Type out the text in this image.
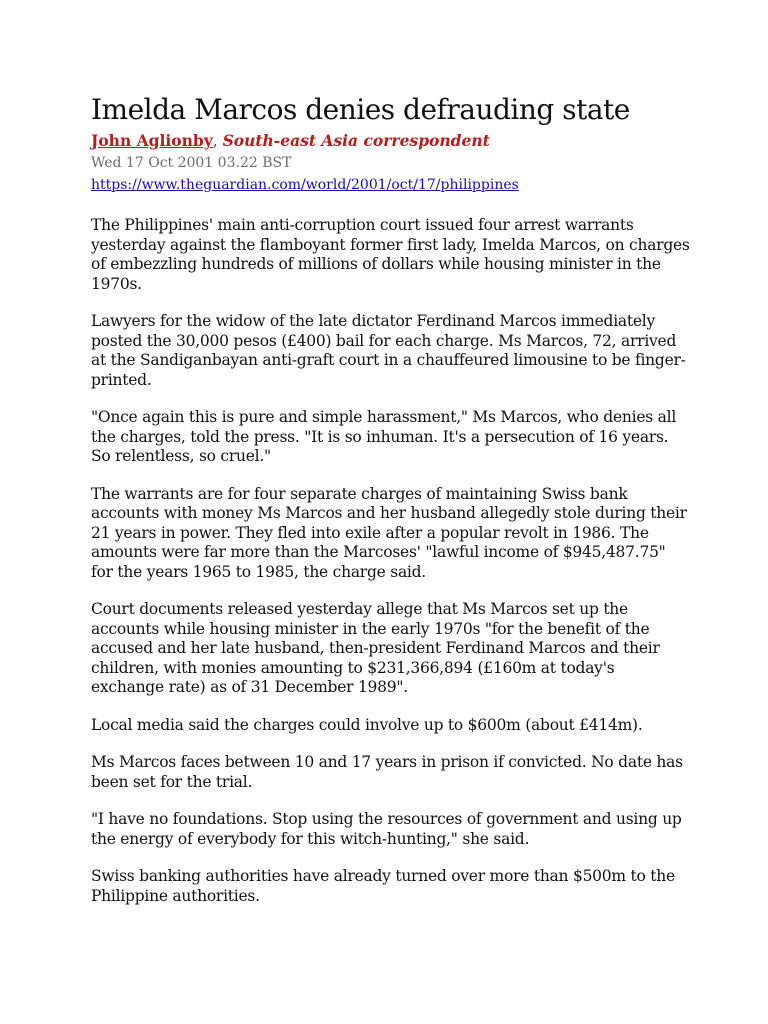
Imelda Marcos denies defrauding state
John Aglionby, South-east Asia correspondent
Wed 17 Oct 2001 03.22 BST
https://www.theguardian.com/world/2001/oct/17/philippines

The Philippines' main anti-corruption court issued four arrest warrants yesterday against the flamboyant former first lady, Imelda Marcos, on charges of embezzling hundreds of millions of dollars while housing minister in the 1970s.

Lawyers for the widow of the late dictator Ferdinand Marcos immediately posted the 30,000 pesos (£400) bail for each charge. Ms Marcos, 72, arrived at the Sandiganbayan anti-graft court in a chauffeured limousine to be finger-printed.

"Once again this is pure and simple harassment," Ms Marcos, who denies all the charges, told the press. "It is so inhuman. It's a persecution of 16 years. So relentless, so cruel."

The warrants are for four separate charges of maintaining Swiss bank accounts with money Ms Marcos and her husband allegedly stole during their 21 years in power. They fled into exile after a popular revolt in 1986. The amounts were far more than the Marcoses' "lawful income of $945,487.75" for the years 1965 to 1985, the charge said.

Court documents released yesterday allege that Ms Marcos set up the accounts while housing minister in the early 1970s "for the benefit of the accused and her late husband, then-president Ferdinand Marcos and their children, with monies amounting to $231,366,894 (£160m at today's exchange rate) as of 31 December 1989".

Local media said the charges could involve up to $600m (about £414m).

Ms Marcos faces between 10 and 17 years in prison if convicted. No date has been set for the trial.

"I have no foundations. Stop using the resources of government and using up the energy of everybody for this witch-hunting," she said.

Swiss banking authorities have already turned over more than $500m to the Philippine authorities.
